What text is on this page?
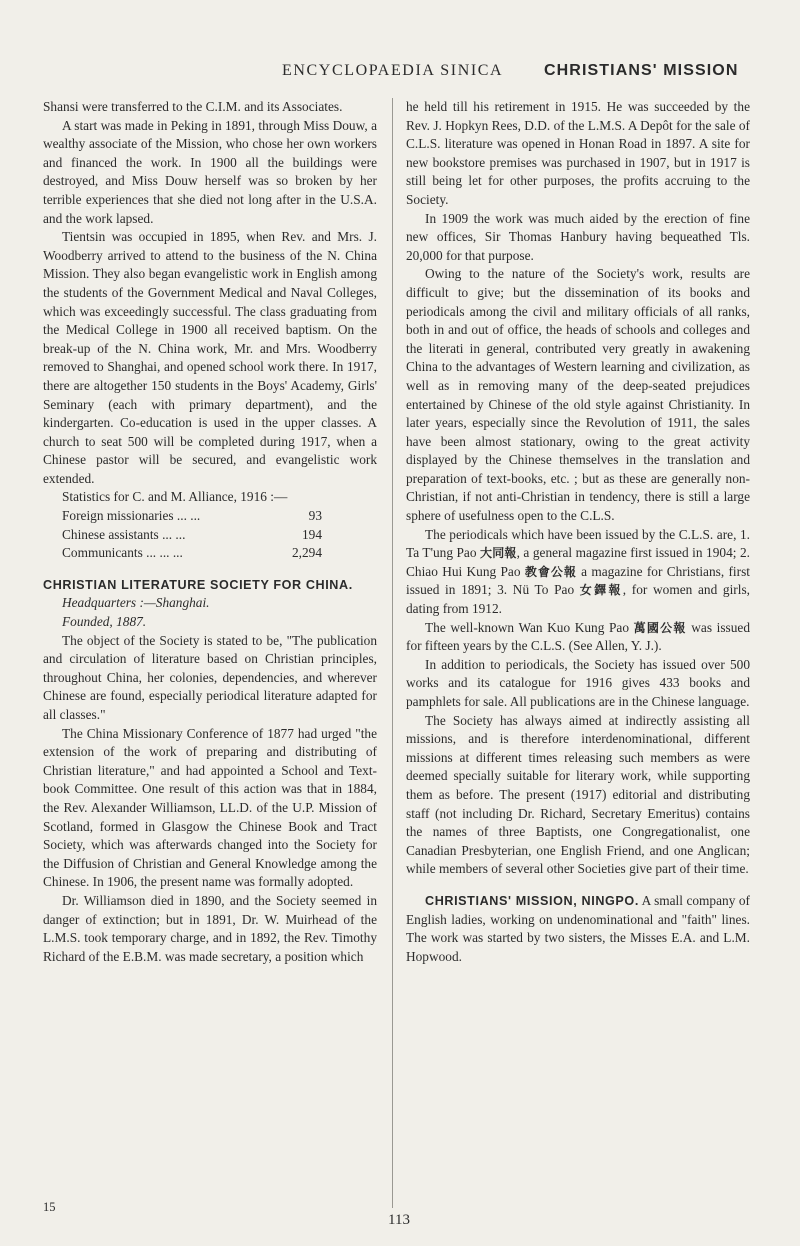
ENCYCLOPAEDIA SINICA	CHRISTIANS' MISSION

Shansi were transferred to the C.I.M. and its Associates.

A start was made in Peking in 1891, through Miss Douw, a wealthy associate of the Mission, who chose her own workers and financed the work. In 1900 all the buildings were destroyed, and Miss Douw herself was so broken by her terrible experiences that she died not long after in the U.S.A. and the work lapsed.

Tientsin was occupied in 1895, when Rev. and Mrs. J. Woodberry arrived to attend to the business of the N. China Mission. They also began evangelistic work in English among the students of the Government Medical and Naval Colleges, which was exceedingly successful. The class graduating from the Medical College in 1900 all received baptism. On the break-up of the N. China work, Mr. and Mrs. Woodberry removed to Shanghai, and opened school work there. In 1917, there are altogether 150 students in the Boys' Academy, Girls' Seminary (each with primary department), and the kindergarten. Co-education is used in the upper classes. A church to seat 500 will be completed during 1917, when a Chinese pastor will be secured, and evangelistic work extended.

Statistics for C. and M. Alliance, 1916 :—

Foreign missionaries ... ...	93
Chinese assistants ... ...	194
Communicants ... ... ...	2,294

CHRISTIAN LITERATURE SOCIETY FOR CHINA.

Headquarters :—Shanghai.

Founded, 1887.

The object of the Society is stated to be, "The publication and circulation of literature based on Christian principles, throughout China, her colonies, dependencies, and wherever Chinese are found, especially periodical literature adapted for all classes."

The China Missionary Conference of 1877 had urged "the extension of the work of preparing and distributing of Christian literature," and had appointed a School and Text-book Committee. One result of this action was that in 1884, the Rev. Alexander Williamson, LL.D. of the U.P. Mission of Scotland, formed in Glasgow the Chinese Book and Tract Society, which was afterwards changed into the Society for the Diffusion of Christian and General Knowledge among the Chinese. In 1906, the present name was formally adopted.

Dr. Williamson died in 1890, and the Society seemed in danger of extinction; but in 1891, Dr. W. Muirhead of the L.M.S. took temporary charge, and in 1892, the Rev. Timothy Richard of the E.B.M. was made secretary, a position which

he held till his retirement in 1915. He was succeeded by the Rev. J. Hopkyn Rees, D.D. of the L.M.S. A Depôt for the sale of C.L.S. literature was opened in Honan Road in 1897. A site for new bookstore premises was purchased in 1907, but in 1917 is still being let for other purposes, the profits accruing to the Society.

In 1909 the work was much aided by the erection of fine new offices, Sir Thomas Hanbury having bequeathed Tls. 20,000 for that purpose.

Owing to the nature of the Society's work, results are difficult to give; but the dissemination of its books and periodicals among the civil and military officials of all ranks, both in and out of office, the heads of schools and colleges and the literati in general, contributed very greatly in awakening China to the advantages of Western learning and civilization, as well as in removing many of the deep-seated prejudices entertained by Chinese of the old style against Christianity. In later years, especially since the Revolution of 1911, the sales have been almost stationary, owing to the great activity displayed by the Chinese themselves in the translation and preparation of text-books, etc. ; but as these are generally non-Christian, if not anti-Christian in tendency, there is still a large sphere of usefulness open to the C.L.S.

The periodicals which have been issued by the C.L.S. are, 1. Ta T'ung Pao 大同報, a general magazine first issued in 1904; 2. Chiao Hui Kung Pao 教會公報 a magazine for Christians, first issued in 1891; 3. Nü To Pao 女鐸報, for women and girls, dating from 1912.

The well-known Wan Kuo Kung Pao 萬國公報 was issued for fifteen years by the C.L.S. (See Allen, Y. J.).

In addition to periodicals, the Society has issued over 500 works and its catalogue for 1916 gives 433 books and pamphlets for sale. All publications are in the Chinese language.

The Society has always aimed at indirectly assisting all missions, and is therefore interdenominational, different missions at different times releasing such members as were deemed specially suitable for literary work, while supporting them as before. The present (1917) editorial and distributing staff (not including Dr. Richard, Secretary Emeritus) contains the names of three Baptists, one Congregationalist, one Canadian Presbyterian, one English Friend, and one Anglican; while members of several other Societies give part of their time.

CHRISTIANS' MISSION, NINGPO. A small company of English ladies, working on undenominational and "faith" lines. The work was started by two sisters, the Misses E.A. and L.M. Hopwood.

15
113
